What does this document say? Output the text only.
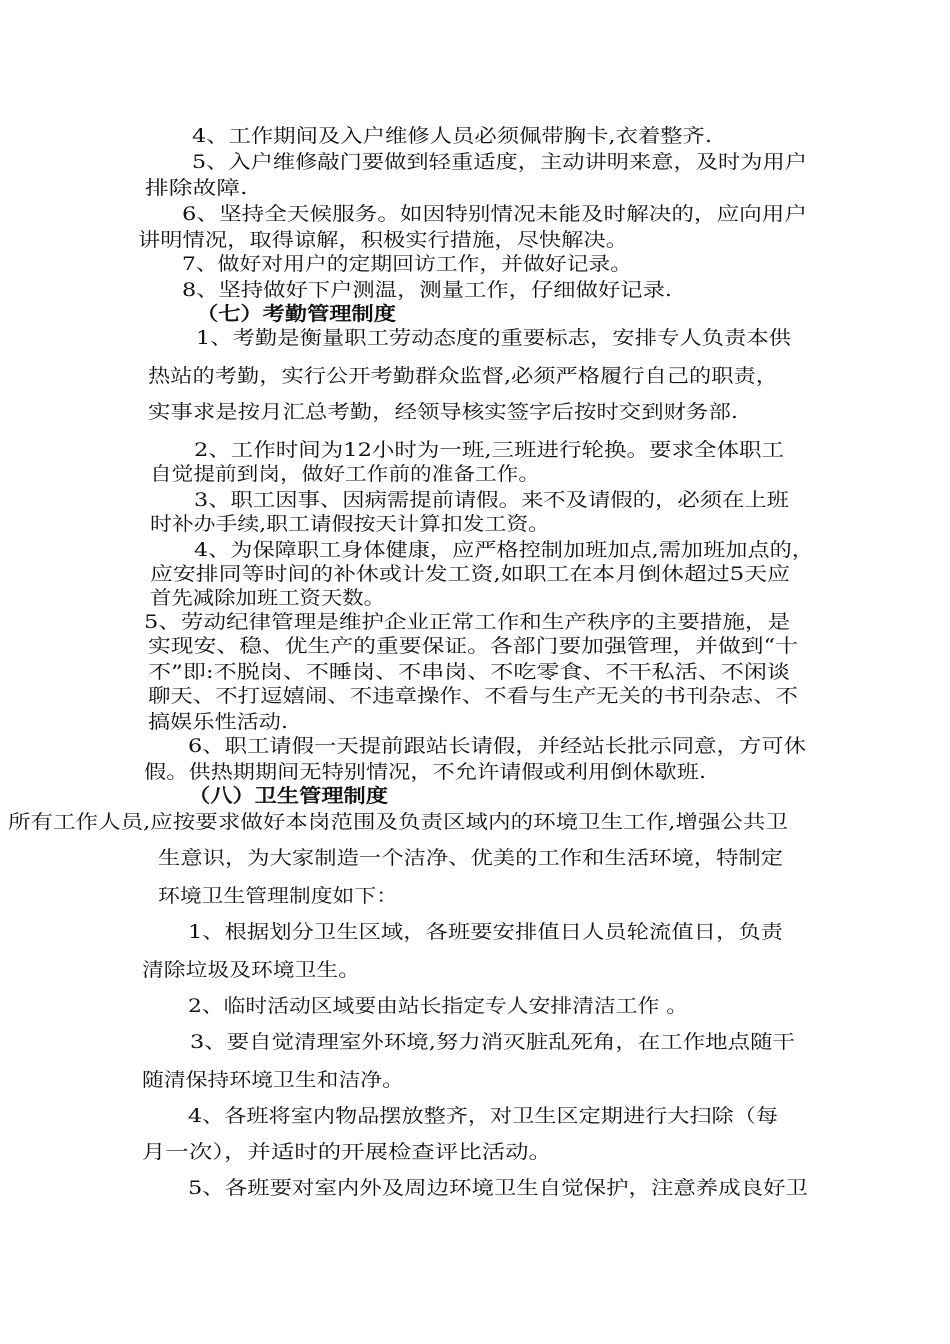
4、工作期间及入户维修人员必须佩带胸卡,衣着整齐.
5、入户维修敲门要做到轻重适度，主动讲明来意，及时为用户
排除故障.
6、坚持全天候服务。如因特别情况未能及时解决的，应向用户
讲明情况，取得谅解，积极实行措施，尽快解决。
7、做好对用户的定期回访工作，并做好记录。
8、坚持做好下户测温，测量工作，仔细做好记录.
（七）考勤管理制度
1、考勤是衡量职工劳动态度的重要标志，安排专人负责本供
热站的考勤，实行公开考勤群众监督,必须严格履行自己的职责，
实事求是按月汇总考勤，经领导核实签字后按时交到财务部.
2、工作时间为12小时为一班,三班进行轮换。要求全体职工
自觉提前到岗，做好工作前的准备工作。
3、职工因事、因病需提前请假。来不及请假的，必须在上班
时补办手续,职工请假按天计算扣发工资。
4、为保障职工身体健康，应严格控制加班加点,需加班加点的，
应安排同等时间的补休或计发工资,如职工在本月倒休超过5天应
首先减除加班工资天数。
5、劳动纪律管理是维护企业正常工作和生产秩序的主要措施，是
实现安、稳、优生产的重要保证。各部门要加强管理，并做到“十
不”即:不脱岗、不睡岗、不串岗、不吃零食、不干私活、不闲谈
聊天、不打逗嬉闹、不违章操作、不看与生产无关的书刊杂志、不
搞娱乐性活动.
6、职工请假一天提前跟站长请假，并经站长批示同意，方可休
假。供热期期间无特别情况，不允许请假或利用倒休歇班.
（八）卫生管理制度
所有工作人员,应按要求做好本岗范围及负责区域内的环境卫生工作,增强公共卫
生意识，为大家制造一个洁净、优美的工作和生活环境，特制定
环境卫生管理制度如下：
1、根据划分卫生区域，各班要安排值日人员轮流值日，负责
清除垃圾及环境卫生。
2、临时活动区域要由站长指定专人安排清洁工作 。
3、要自觉清理室外环境,努力消灭脏乱死角，在工作地点随干
随清保持环境卫生和洁净。
4、各班将室内物品摆放整齐，对卫生区定期进行大扫除（每
月一次），并适时的开展检查评比活动。
5、各班要对室内外及周边环境卫生自觉保护，注意养成良好卫
